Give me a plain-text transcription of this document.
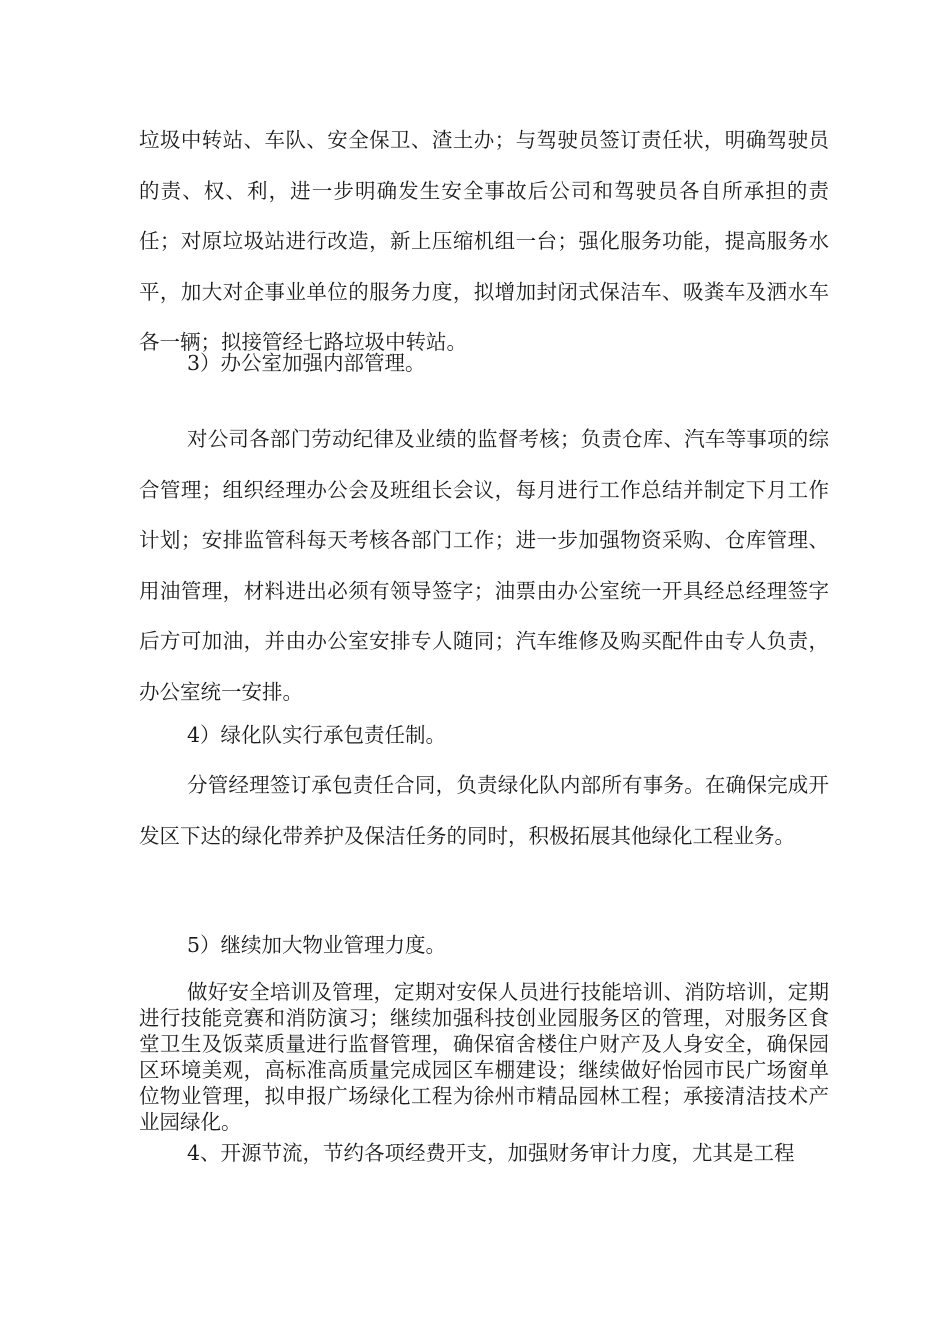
垃圾中转站、车队、安全保卫、渣土办；与驾驶员签订责任状，明确驾驶员的责、权、利，进一步明确发生安全事故后公司和驾驶员各自所承担的责任；对原垃圾站进行改造，新上压缩机组一台；强化服务功能，提高服务水平，加大对企事业单位的服务力度，拟增加封闭式保洁车、吸粪车及洒水车各一辆；拟接管经七路垃圾中转站。

3）办公室加强内部管理。

对公司各部门劳动纪律及业绩的监督考核；负责仓库、汽车等事项的综合管理；组织经理办公会及班组长会议，每月进行工作总结并制定下月工作计划；安排监管科每天考核各部门工作；进一步加强物资采购、仓库管理、用油管理，材料进出必须有领导签字；油票由办公室统一开具经总经理签字后方可加油，并由办公室安排专人随同；汽车维修及购买配件由专人负责，办公室统一安排。

4）绿化队实行承包责任制。

分管经理签订承包责任合同，负责绿化队内部所有事务。在确保完成开发区下达的绿化带养护及保洁任务的同时，积极拓展其他绿化工程业务。

5）继续加大物业管理力度。

做好安全培训及管理，定期对安保人员进行技能培训、消防培训，定期进行技能竞赛和消防演习；继续加强科技创业园服务区的管理，对服务区食堂卫生及饭菜质量进行监督管理，确保宿舍楼住户财产及人身安全，确保园区环境美观，高标准高质量完成园区车棚建设；继续做好怡园市民广场窗单位物业管理，拟申报广场绿化工程为徐州市精品园林工程；承接清洁技术产业园绿化。

4、开源节流，节约各项经费开支，加强财务审计力度，尤其是工程
